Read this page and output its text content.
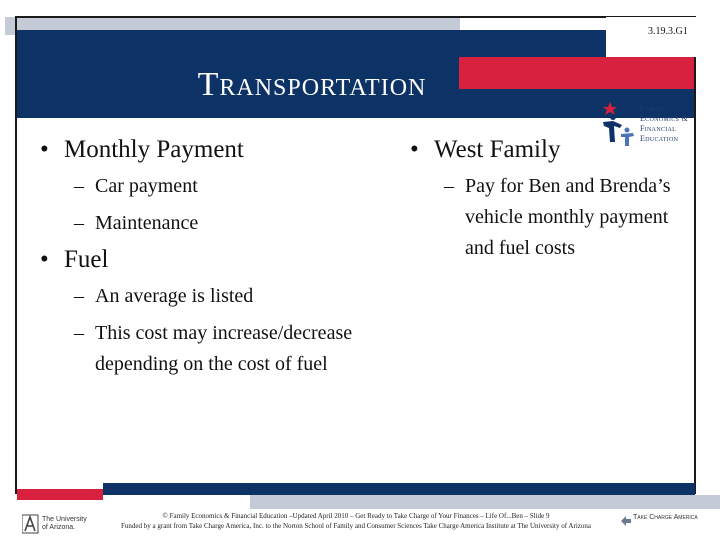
3.19.3.G1
Transportation
Family
Economics &
Financial
Education
• Monthly Payment
– Car payment

– Maintenance

• Fuel
– An average is listed

– This cost may increase/decrease depending on the cost of fuel

• West Family
– Pay for Ben and Brenda’s vehicle monthly payment and fuel costs

The University
of Arizona.
© Family Economics & Financial Education –Updated April 2010 – Get Ready to Take Charge of Your Finances – Life Of...Ben – Slide 9
Funded by a grant from Take Charge America, Inc. to the Norton School of Family and Consumer Sciences Take Charge America Institute at The University of Arizona
Take Charge America
